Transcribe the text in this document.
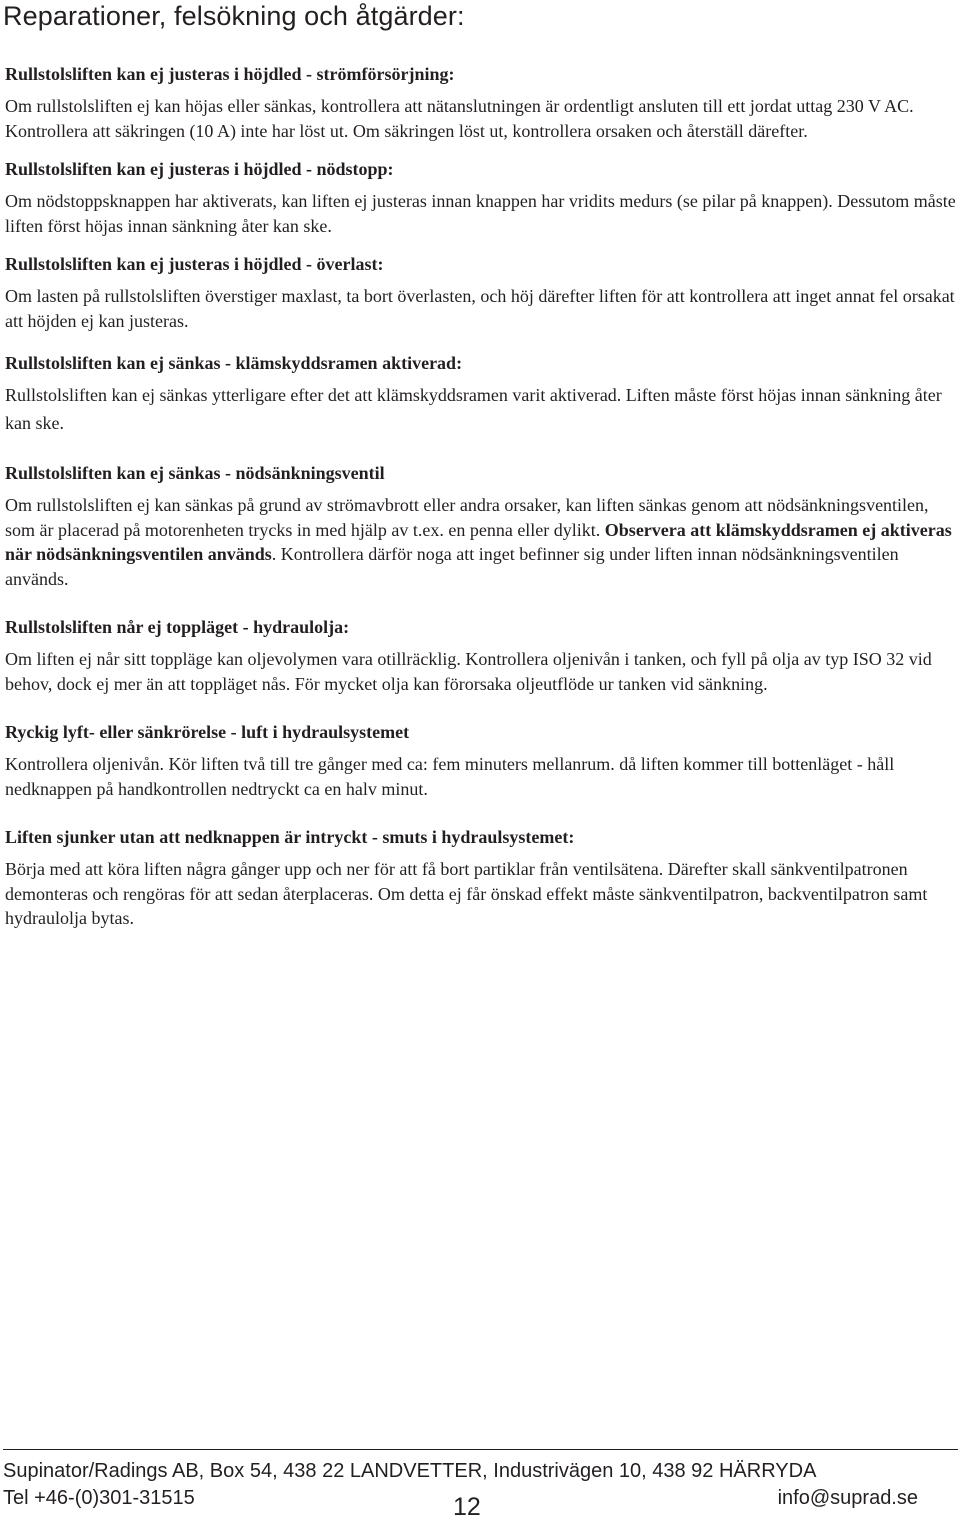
Reparationer, felsökning och åtgärder:
Rullstolsliften kan ej justeras i höjdled - strömförsörjning:

Om rullstolsliften ej kan höjas eller sänkas, kontrollera att nätanslutningen är ordentligt ansluten till ett jordat uttag 230 V AC. Kontrollera att säkringen (10 A) inte har löst ut. Om säkringen löst ut, kontrollera orsaken och återställ därefter.

Rullstolsliften kan ej justeras i höjdled - nödstopp:

Om nödstoppsknappen har aktiverats, kan liften ej justeras innan knappen har vridits medurs (se pilar på knappen). Dessutom måste liften först höjas innan sänkning åter kan ske.

Rullstolsliften kan ej justeras i höjdled - överlast:

Om lasten på rullstolsliften överstiger maxlast, ta bort överlasten, och höj därefter liften för att kontrollera att inget annat fel orsakat att höjden ej kan justeras.

Rullstolsliften kan ej sänkas - klämskyddsramen aktiverad:

Rullstolsliften kan ej sänkas ytterligare efter det att klämskyddsramen varit aktiverad. Liften måste först höjas innan sänkning åter kan ske.

Rullstolsliften kan ej sänkas - nödsänkningsventil

Om rullstolsliften ej kan sänkas på grund av strömavbrott eller andra orsaker, kan liften sänkas genom att nödsänkningsventilen, som är placerad på motorenheten trycks in med hjälp av t.ex. en penna eller dylikt. Observera att klämskyddsramen ej aktiveras när nödsänkningsventilen används. Kontrollera därför noga att inget befinner sig under liften innan nödsänkningsventilen används.

Rullstolsliften når ej toppläget - hydraulolja:

Om liften ej når sitt toppläge kan oljevolymen vara otillräcklig. Kontrollera oljenivån i tanken, och fyll på olja av typ ISO 32 vid behov, dock ej mer än att toppläget nås. För mycket olja kan förorsaka oljeutflöde ur tanken vid sänkning.

Ryckig lyft- eller sänkrörelse - luft i hydraulsystemet

Kontrollera oljenivån. Kör liften två till tre gånger med ca: fem minuters mellanrum. då liften kommer till bottenläget - håll nedknappen på handkontrollen nedtryckt ca en halv minut.

Liften sjunker utan att nedknappen är intryckt - smuts i hydraulsystemet:

Börja med att köra liften några gånger upp och ner för att få bort partiklar från ventilsätena. Därefter skall sänkventilpatronen demonteras och rengöras för att sedan återplaceras. Om detta ej får önskad effekt måste sänkventilpatron, backventilpatron samt hydraulolja bytas.

Supinator/Radings AB, Box 54, 438 22 LANDVETTER, Industrivägen 10, 438 92 HÄRRYDA
Tel +46-(0)301-31515	12	info@suprad.se
